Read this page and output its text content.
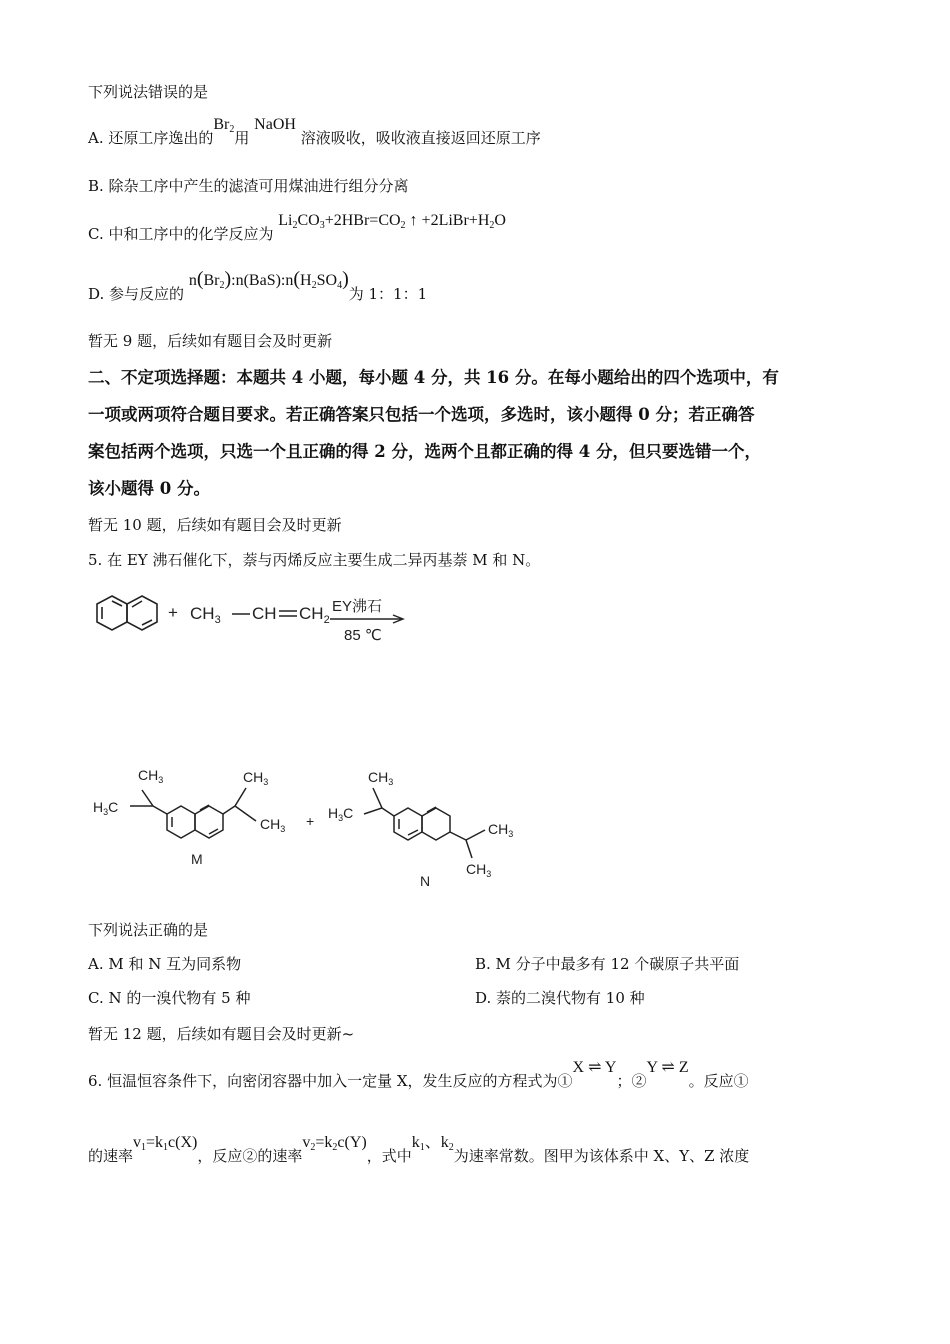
下列说法错误的是
A. 还原工序逸出的$Br_2$用 NaOH 溶液吸收，吸收液直接返回还原工序
B. 除杂工序中产生的滤渣可用煤油进行组分分离
C. 中和工序中的化学反应为 $Li_2CO_3+2HBr=CO_2$ ↑ $+2LiBr+H_2O$
D. 参与反应的 $n(Br_2):n(BaS):n(H_2SO_4)$为 1：1：1
暂无 9 题，后续如有题目会及时更新
二、不定项选择题：本题共 4 小题，每小题 4 分，共 16 分。在每小题给出的四个选项中，有
一项或两项符合题目要求。若正确答案只包括一个选项，多选时，该小题得 0 分；若正确答
案包括两个选项，只选一个且正确的得 2 分，选两个且都正确的得 4 分，但只要选错一个，
该小题得 0 分。
暂无 10 题，后续如有题目会及时更新
5. 在 EY 沸石催化下，萘与丙烯反应主要生成二异丙基萘 M 和 N。
+ $CH_3$ CH $CH_2$
EY沸石
85 ℃
$CH_3$
$H_3C$
$CH_3$
$CH_3$
M
+
$CH_3$
$H_3C$
$CH_3$
$CH_3$
N
下列说法正确的是
A. M 和 N 互为同系物	B. M 分子中最多有 12 个碳原子共平面
C. N 的一溴代物有 5 种	D. 萘的二溴代物有 10 种
暂无 12 题，后续如有题目会及时更新~
6. 恒温恒容条件下，向密闭容器中加入一定量 X，发生反应的方程式为①X ⇌ Y；②Y ⇌ Z。反应①
的速率$v_1=k_1c(X)$，反应②的速率$v_2=k_2c(Y)$，式中$k_1$、$k_2$为速率常数。图甲为该体系中 X、Y、Z 浓度
